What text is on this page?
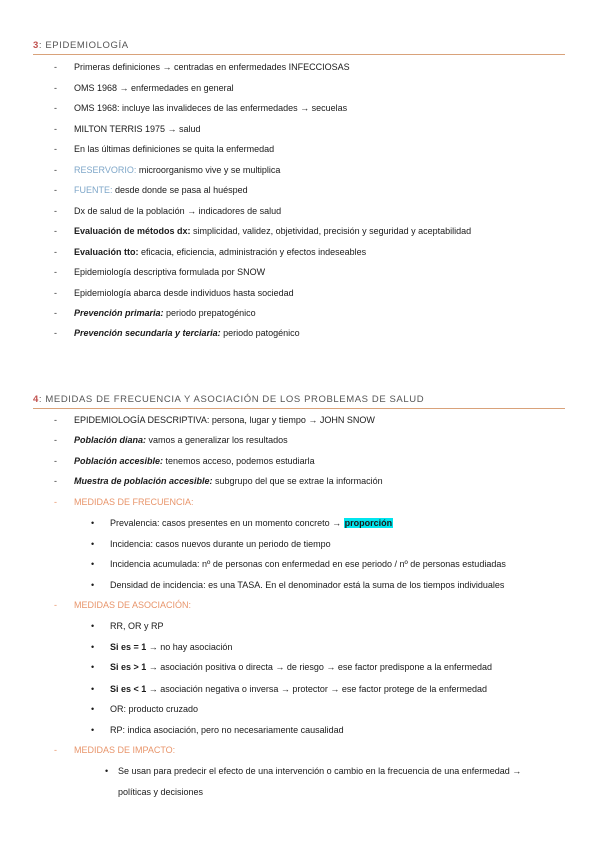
3: EPIDEMIOLOGÍA
- Primeras definiciones → centradas en enfermedades INFECCIOSAS
- OMS 1968 → enfermedades en general
- OMS 1968: incluye las invalideces de las enfermedades → secuelas
- MILTON TERRIS 1975 → salud
- En las últimas definiciones se quita la enfermedad
- RESERVORIO: microorganismo vive y se multiplica
- FUENTE: desde donde se pasa al huésped
- Dx de salud de la población → indicadores de salud
- Evaluación de métodos dx: simplicidad, validez, objetividad, precisión y seguridad y aceptabilidad
- Evaluación tto: eficacia, eficiencia, administración y efectos indeseables
- Epidemiología descriptiva formulada por SNOW
- Epidemiología abarca desde individuos hasta sociedad
- Prevención primaria: periodo prepatogénico
- Prevención secundaria y terciaria: periodo patogénico
4: MEDIDAS DE FRECUENCIA Y ASOCIACIÓN DE LOS PROBLEMAS DE SALUD
- EPIDEMIOLOGÍA DESCRIPTIVA: persona, lugar y tiempo → JOHN SNOW
- Población diana: vamos a generalizar los resultados
- Población accesible: tenemos acceso, podemos estudiarla
- Muestra de población accesible: subgrupo del que se extrae la información
- MEDIDAS DE FRECUENCIA:
• Prevalencia: casos presentes en un momento concreto → proporción
• Incidencia: casos nuevos durante un periodo de tiempo
• Incidencia acumulada: nº de personas con enfermedad en ese periodo / nº de personas estudiadas
• Densidad de incidencia: es una TASA. En el denominador está la suma de los tiempos individuales
- MEDIDAS DE ASOCIACIÓN:
• RR, OR y RP
• Si es = 1 → no hay asociación
• Si es > 1 → asociación positiva o directa → de riesgo → ese factor predispone a la enfermedad
• Si es < 1 → asociación negativa o inversa → protector → ese factor protege de la enfermedad
• OR: producto cruzado
• RP: indica asociación, pero no necesariamente causalidad
- MEDIDAS DE IMPACTO:
• Se usan para predecir el efecto de una intervención o cambio en la frecuencia de una enfermedad →
políticas y decisiones
